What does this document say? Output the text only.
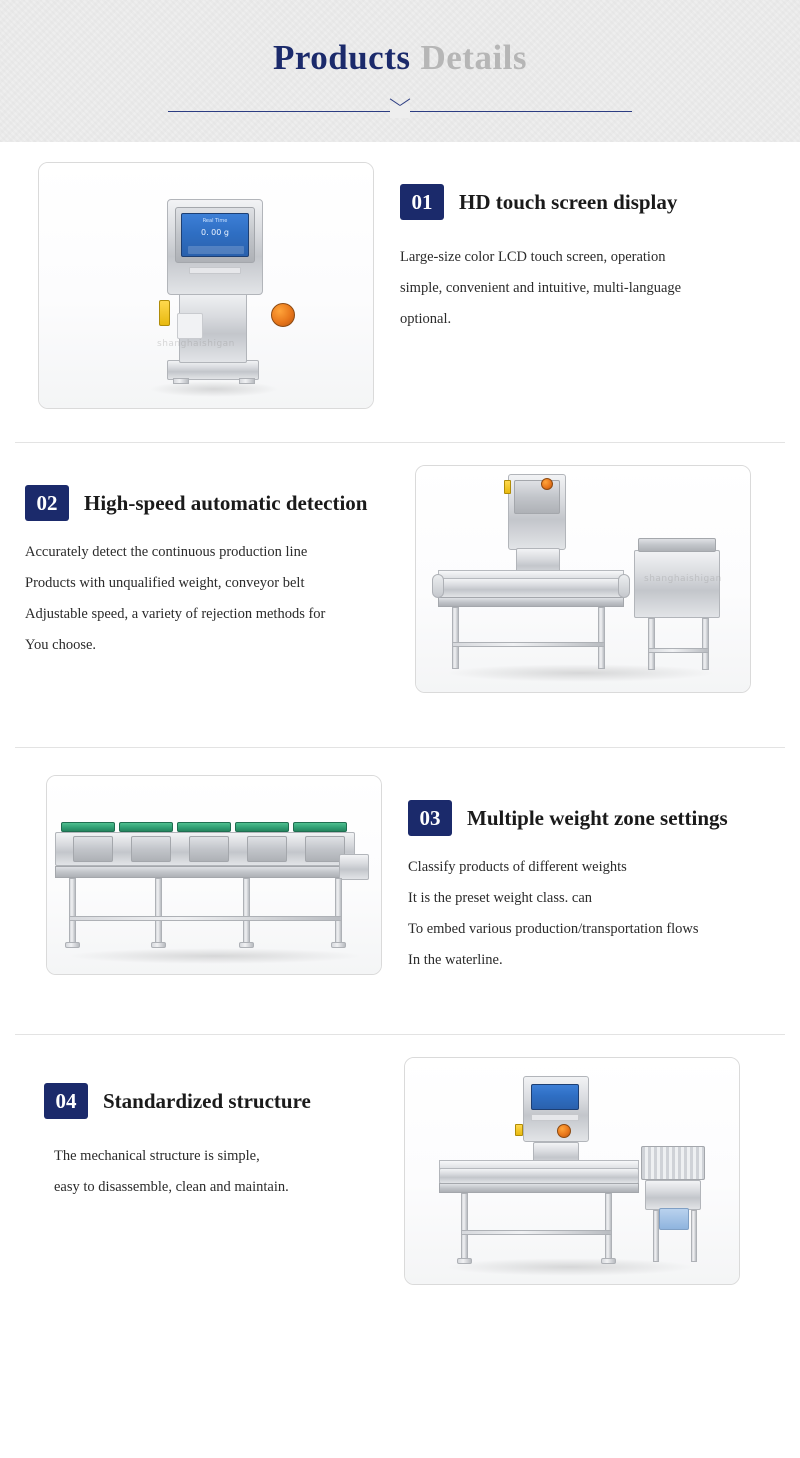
Products Details
Real Time
0. 00 g
shanghaishigan
01	HD touch screen display
Large-size color LCD touch screen, operation
simple, convenient and intuitive, multi-language
optional.
02	High-speed automatic detection
Accurately detect the continuous production line
Products with unqualified weight, conveyor belt
Adjustable speed, a variety of rejection methods for
You choose.
shanghaishigan
03	Multiple weight zone settings
Classify products of different weights
It is the preset weight class. can
To embed various production/transportation flows
In the waterline.
04	Standardized structure
The mechanical structure is simple,
easy to disassemble, clean and maintain.
